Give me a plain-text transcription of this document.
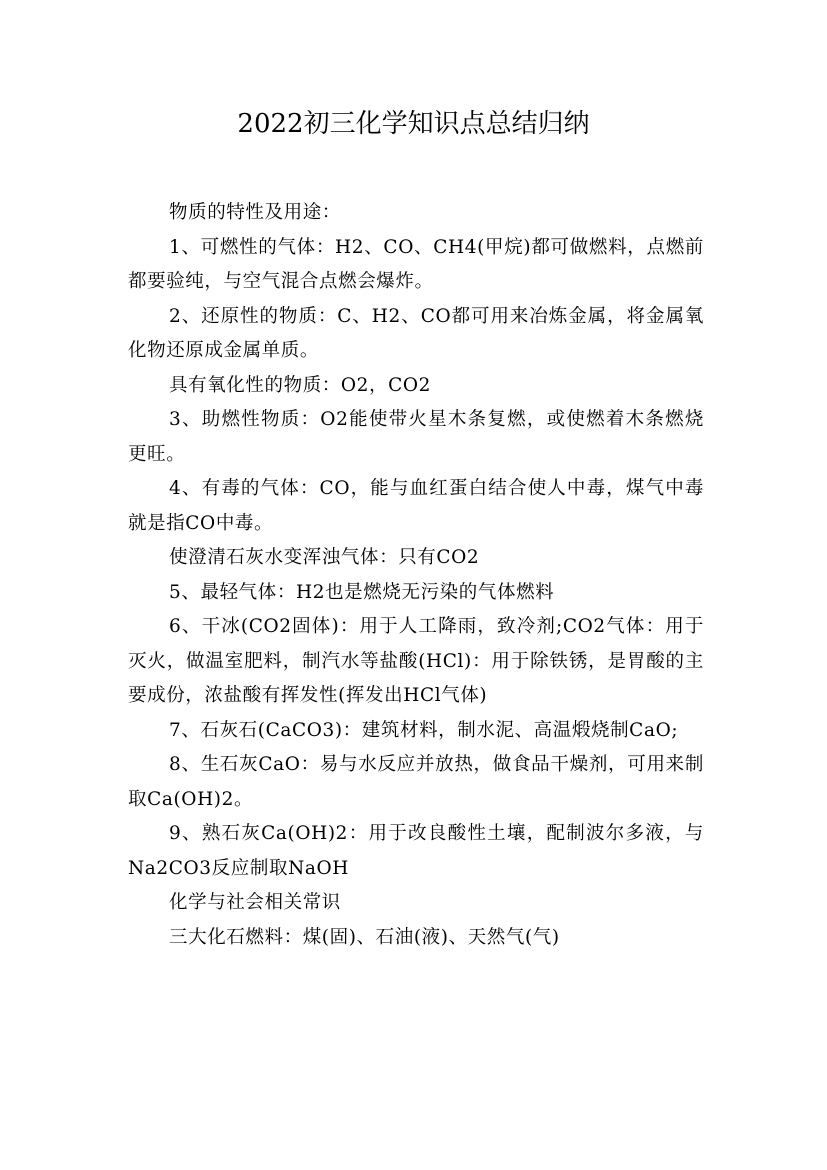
2022初三化学知识点总结归纳

物质的特性及用途：

1、可燃性的气体：H2、CO、CH4(甲烷)都可做燃料，点燃前都要验纯，与空气混合点燃会爆炸。

2、还原性的物质：C、H2、CO都可用来冶炼金属，将金属氧化物还原成金属单质。

具有氧化性的物质：O2，CO2

3、助燃性物质：O2能使带火星木条复燃，或使燃着木条燃烧更旺。

4、有毒的气体：CO，能与血红蛋白结合使人中毒，煤气中毒就是指CO中毒。

使澄清石灰水变浑浊气体：只有CO2

5、最轻气体：H2也是燃烧无污染的气体燃料

6、干冰(CO2固体)：用于人工降雨，致冷剂;CO2气体：用于灭火，做温室肥料，制汽水等盐酸(HCl)：用于除铁锈，是胃酸的主要成份，浓盐酸有挥发性(挥发出HCl气体)

7、石灰石(CaCO3)：建筑材料，制水泥、高温煅烧制CaO;

8、生石灰CaO：易与水反应并放热，做食品干燥剂，可用来制取Ca(OH)2。

9、熟石灰Ca(OH)2：用于改良酸性土壤，配制波尔多液，与Na2CO3反应制取NaOH

化学与社会相关常识

三大化石燃料：煤(固)、石油(液)、天然气(气)
